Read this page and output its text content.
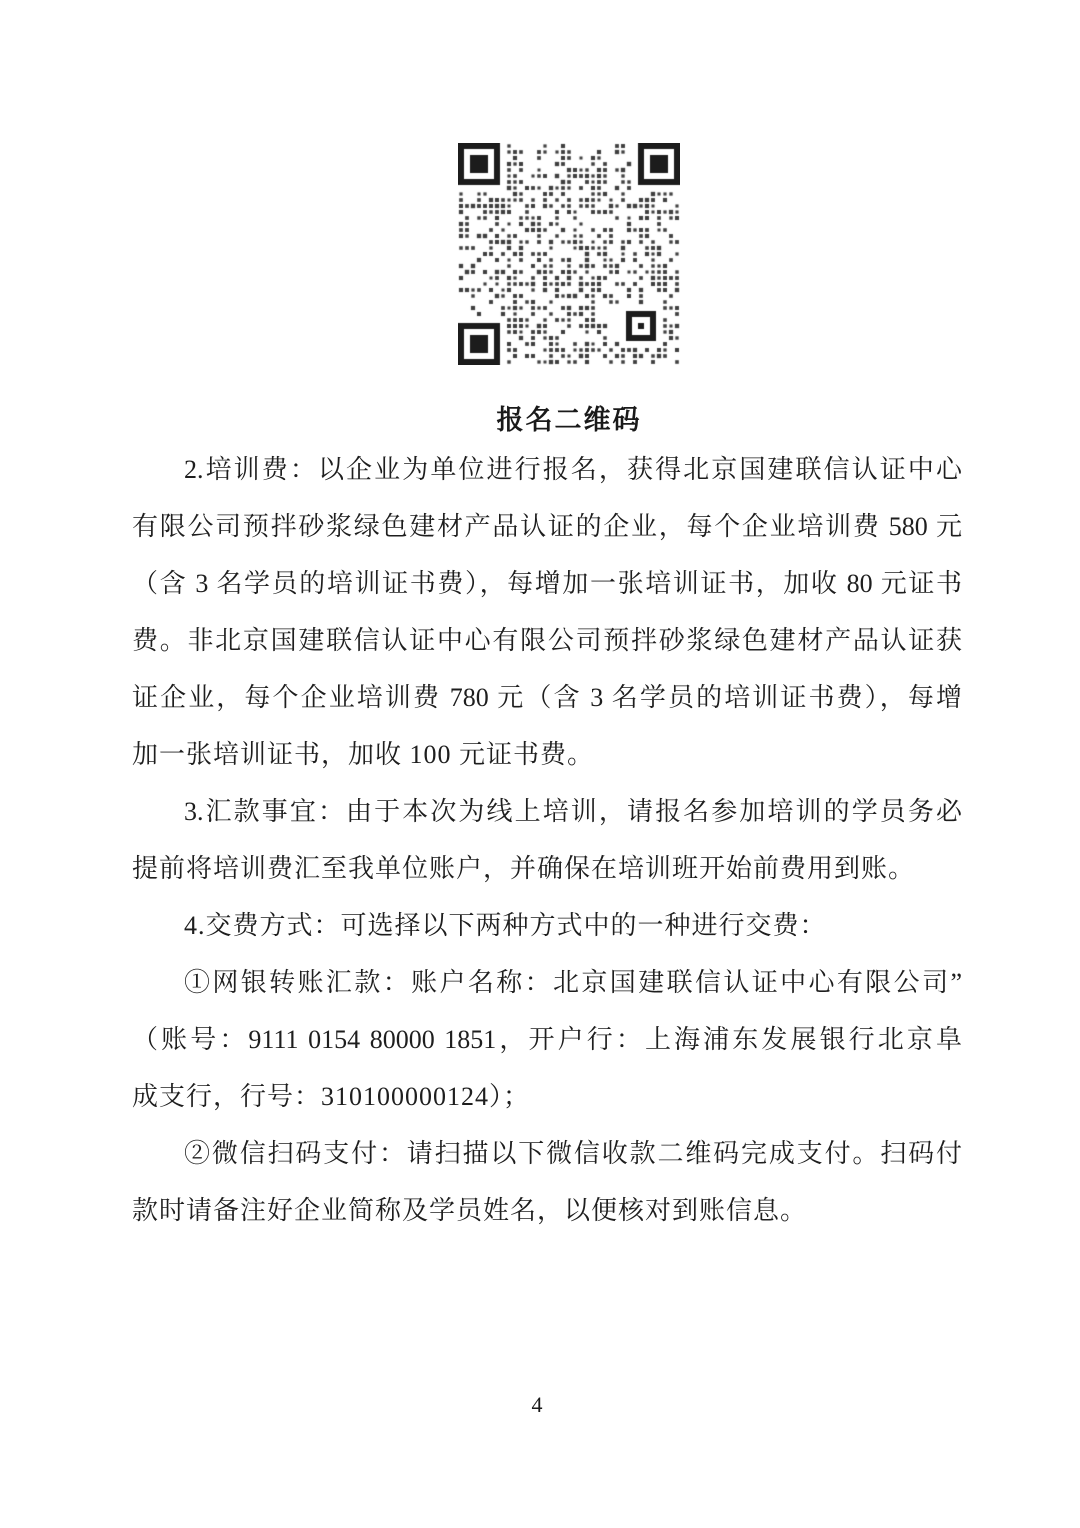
报名二维码
2.培训费：以企业为单位进行报名，获得北京国建联信认证中心
有限公司预拌砂浆绿色建材产品认证的企业，每个企业培训费 580 元
（含 3 名学员的培训证书费），每增加一张培训证书，加收 80 元证书
费。非北京国建联信认证中心有限公司预拌砂浆绿色建材产品认证获
证企业，每个企业培训费 780 元（含 3 名学员的培训证书费），每增
加一张培训证书，加收 100 元证书费。
3.汇款事宜：由于本次为线上培训，请报名参加培训的学员务必
提前将培训费汇至我单位账户，并确保在培训班开始前费用到账。
4.交费方式：可选择以下两种方式中的一种进行交费：
①网银转账汇款：账户名称：北京国建联信认证中心有限公司”
（账号：9111 0154 80000 1851，开户行：上海浦东发展银行北京阜
成支行，行号：310100000124）；
②微信扫码支付：请扫描以下微信收款二维码完成支付。扫码付
款时请备注好企业简称及学员姓名，以便核对到账信息。
4
